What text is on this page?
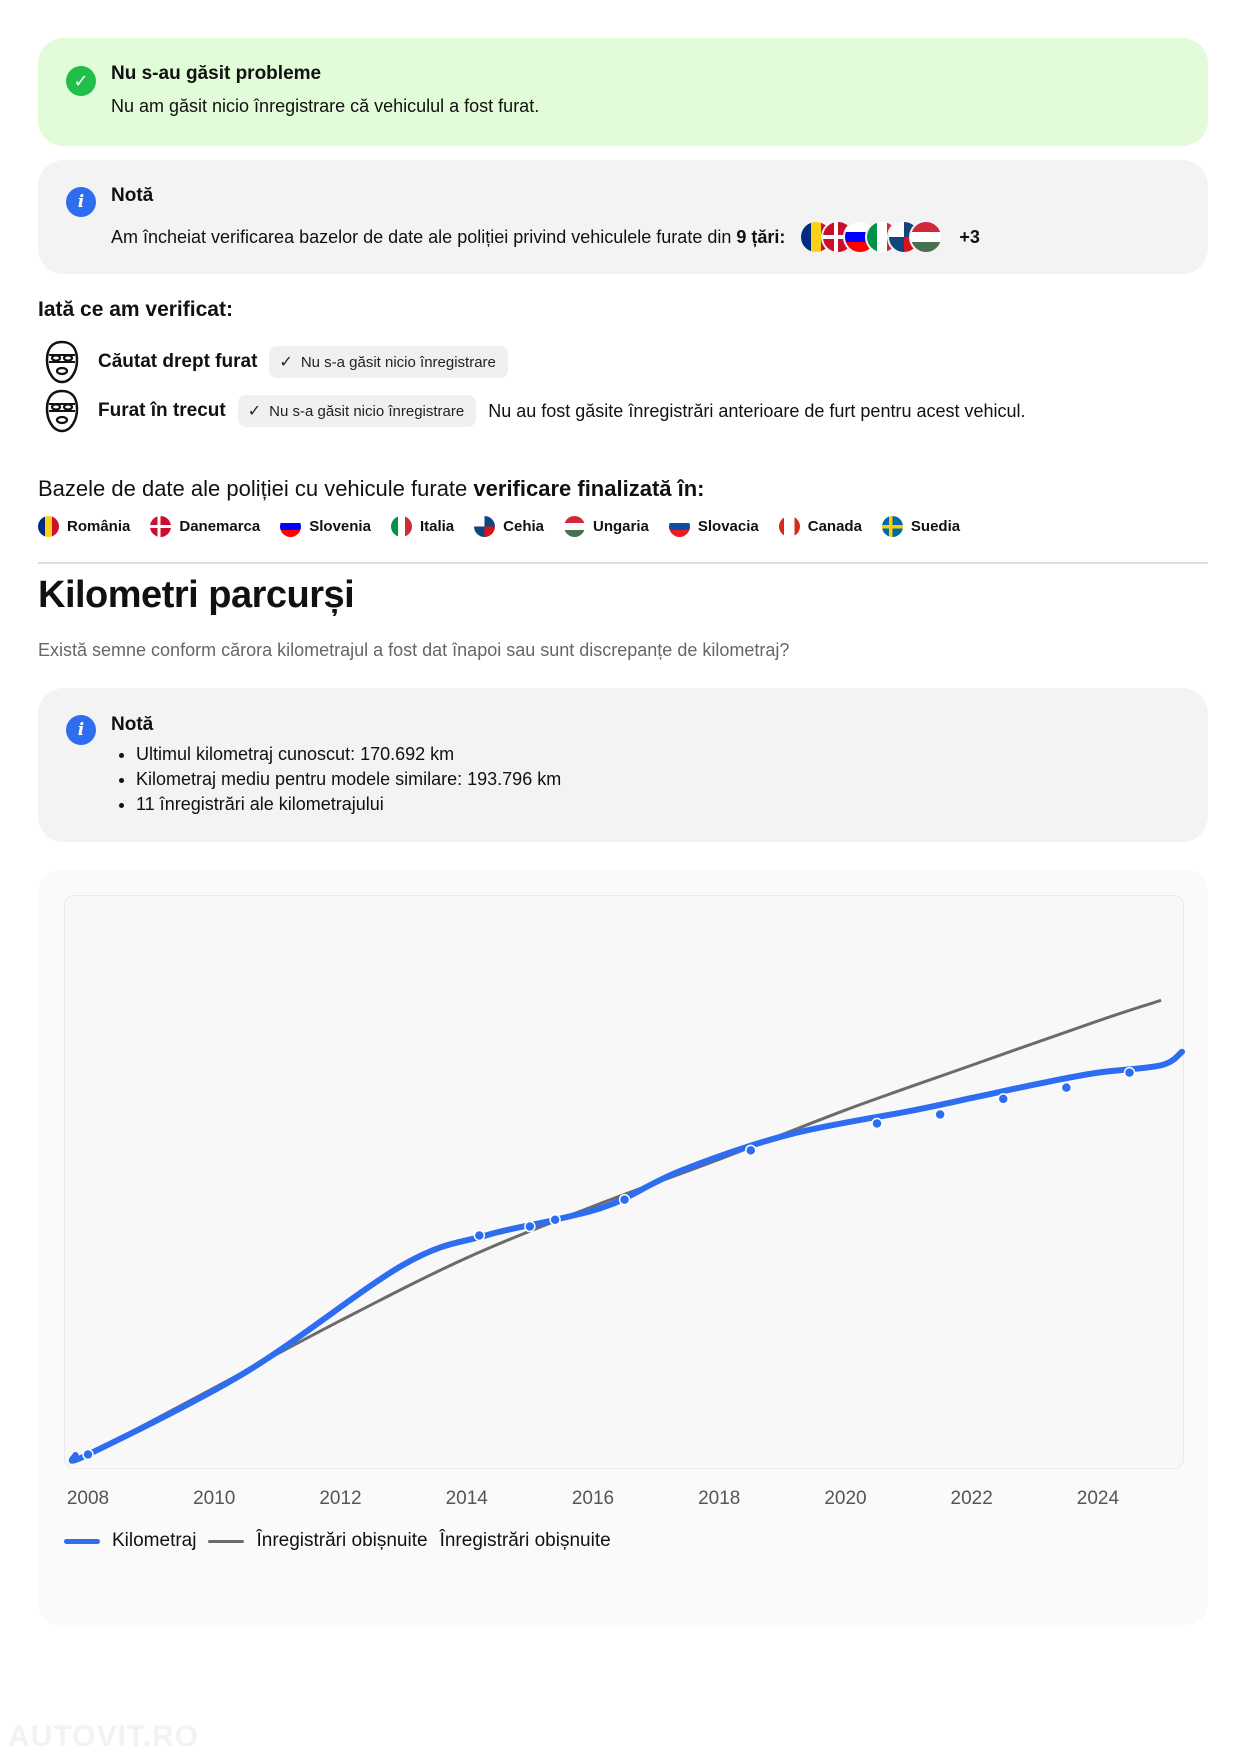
✓	Nu s-au găsit probleme
Nu am găsit nicio înregistrare că vehiculul a fost furat.
i	Notă
Am încheiat verificarea bazelor de date ale poliției privind vehiculele furate din
9 țări:	+3
Iată ce am verificat:
Căutat drept furat ✓ Nu s-a găsit nicio înregistrare
Furat în trecut ✓ Nu s-a găsit nicio înregistrare Nu au fost găsite înregistrări anterioare de furt pentru acest vehicul.
Bazele de date ale poliției cu vehicule furate verificare finalizată în:
România	Danemarca	Slovenia	Italia	Cehia	Ungaria	Slovacia	Canada	Suedia
Kilometri parcurși
Există semne conform cărora kilometrajul a fost dat înapoi sau sunt discrepanțe de kilometraj?
i	Notă
• Ultimul kilometraj cunoscut: 170.692 km
• Kilometraj mediu pentru modele similare: 193.796 km
• 11 înregistrări ale kilometrajului
2008	2010	2012	2014	2016	2018	2020	2022	2024
Kilometraj	Înregistrări obișnuite Înregistrări obișnuite
AUTOVIT.RO
